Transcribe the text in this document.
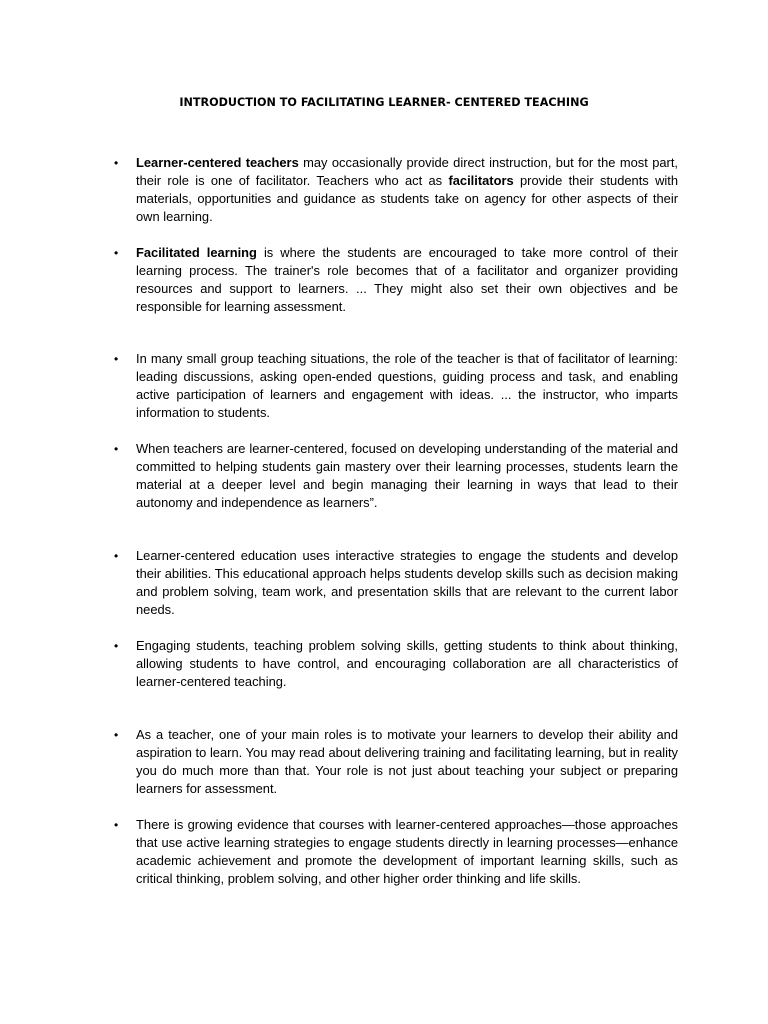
INTRODUCTION TO FACILITATING LEARNER- CENTERED TEACHING
•	Learner-centered teachers may occasionally provide direct instruction, but for the most part, their role is one of facilitator. Teachers who act as facilitators provide their students with materials, opportunities and guidance as students take on agency for other aspects of their own learning.

•	Facilitated learning is where the students are encouraged to take more control of their learning process. The trainer's role becomes that of a facilitator and organizer providing resources and support to learners. ... They might also set their own objectives and be responsible for learning assessment.

•	In many small group teaching situations, the role of the teacher is that of facilitator of learning: leading discussions, asking open-ended questions, guiding process and task, and enabling active participation of learners and engagement with ideas. ... the instructor, who imparts information to students.

•	When teachers are learner-centered, focused on developing understanding of the material and committed to helping students gain mastery over their learning processes, students learn the material at a deeper level and begin managing their learning in ways that lead to their autonomy and independence as learners”.

•	Learner-centered education uses interactive strategies to engage the students and develop their abilities. This educational approach helps students develop skills such as decision making and problem solving, team work, and presentation skills that are relevant to the current labor needs.

•	Engaging students, teaching problem solving skills, getting students to think about thinking, allowing students to have control, and encouraging collaboration are all characteristics of learner-centered teaching.

•	As a teacher, one of your main roles is to motivate your learners to develop their ability and aspiration to learn. You may read about delivering training and facilitating learning, but in reality you do much more than that. Your role is not just about teaching your subject or preparing learners for assessment.

•	There is growing evidence that courses with learner-centered approaches—those approaches that use active learning strategies to engage students directly in learning processes—enhance academic achievement and promote the development of important learning skills, such as critical thinking, problem solving, and other higher order thinking and life skills.
